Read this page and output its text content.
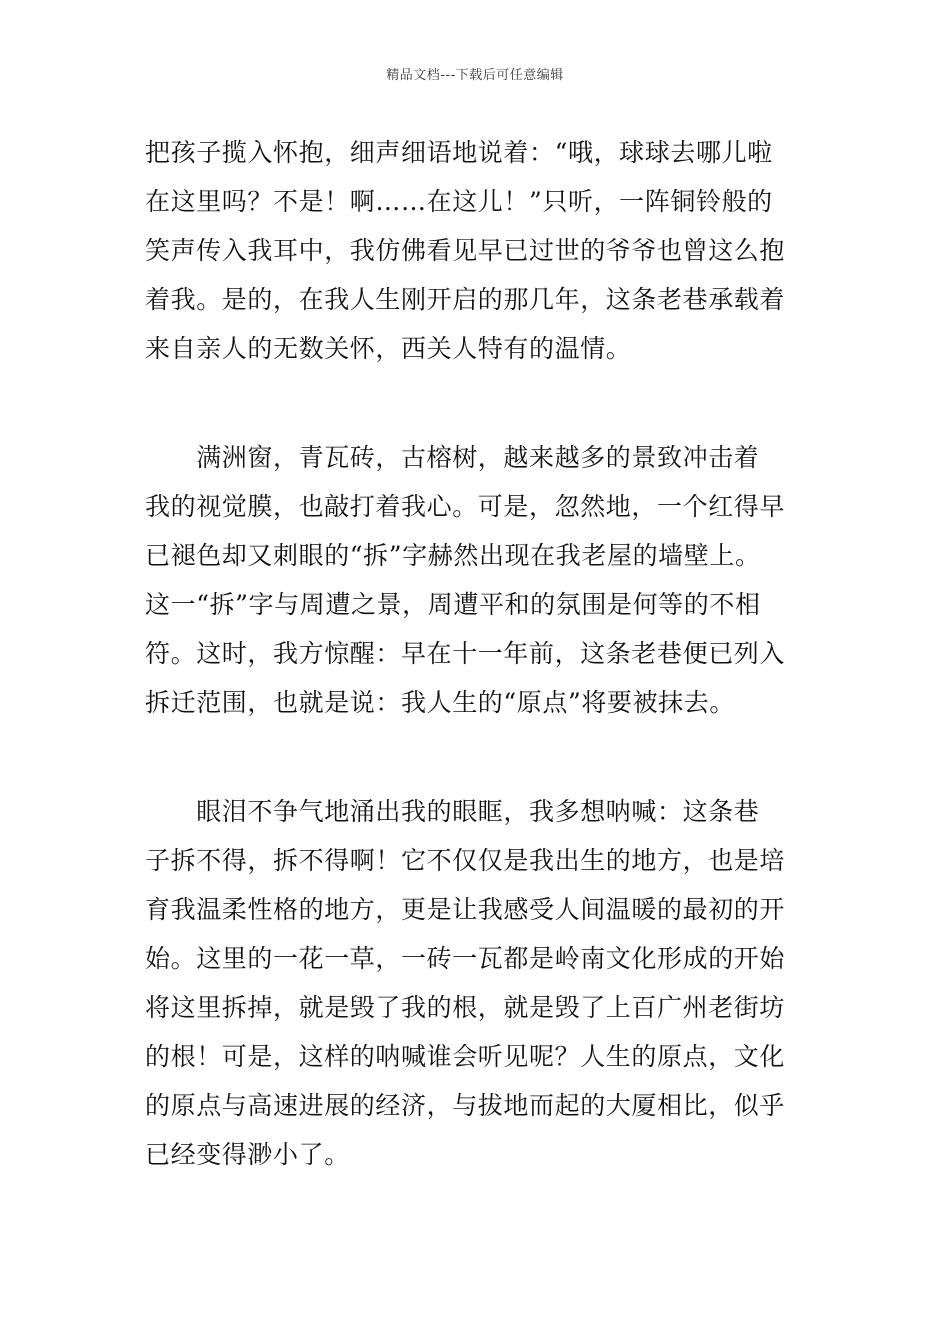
精品文档---下载后可任意编辑
把孩子揽入怀抱，细声细语地说着：“哦，球球去哪儿啦
在这里吗？不是！啊……在这儿！”只听，一阵铜铃般的
笑声传入我耳中，我仿佛看见早已过世的爷爷也曾这么抱
着我。是的，在我人生刚开启的那几年，这条老巷承载着
来自亲人的无数关怀，西关人特有的温情。
　　满洲窗，青瓦砖，古榕树，越来越多的景致冲击着
我的视觉膜，也敲打着我心。可是，忽然地，一个红得早
已褪色却又刺眼的“拆”字赫然出现在我老屋的墙壁上。
这一“拆”字与周遭之景，周遭平和的氛围是何等的不相
符。这时，我方惊醒：早在十一年前，这条老巷便已列入
拆迁范围，也就是说：我人生的“原点”将要被抹去。
　　眼泪不争气地涌出我的眼眶，我多想呐喊：这条巷
子拆不得，拆不得啊！它不仅仅是我出生的地方，也是培
育我温柔性格的地方，更是让我感受人间温暖的最初的开
始。这里的一花一草，一砖一瓦都是岭南文化形成的开始
将这里拆掉，就是毁了我的根，就是毁了上百广州老街坊
的根！可是，这样的呐喊谁会听见呢？人生的原点，文化
的原点与高速进展的经济，与拔地而起的大厦相比，似乎
已经变得渺小了。
